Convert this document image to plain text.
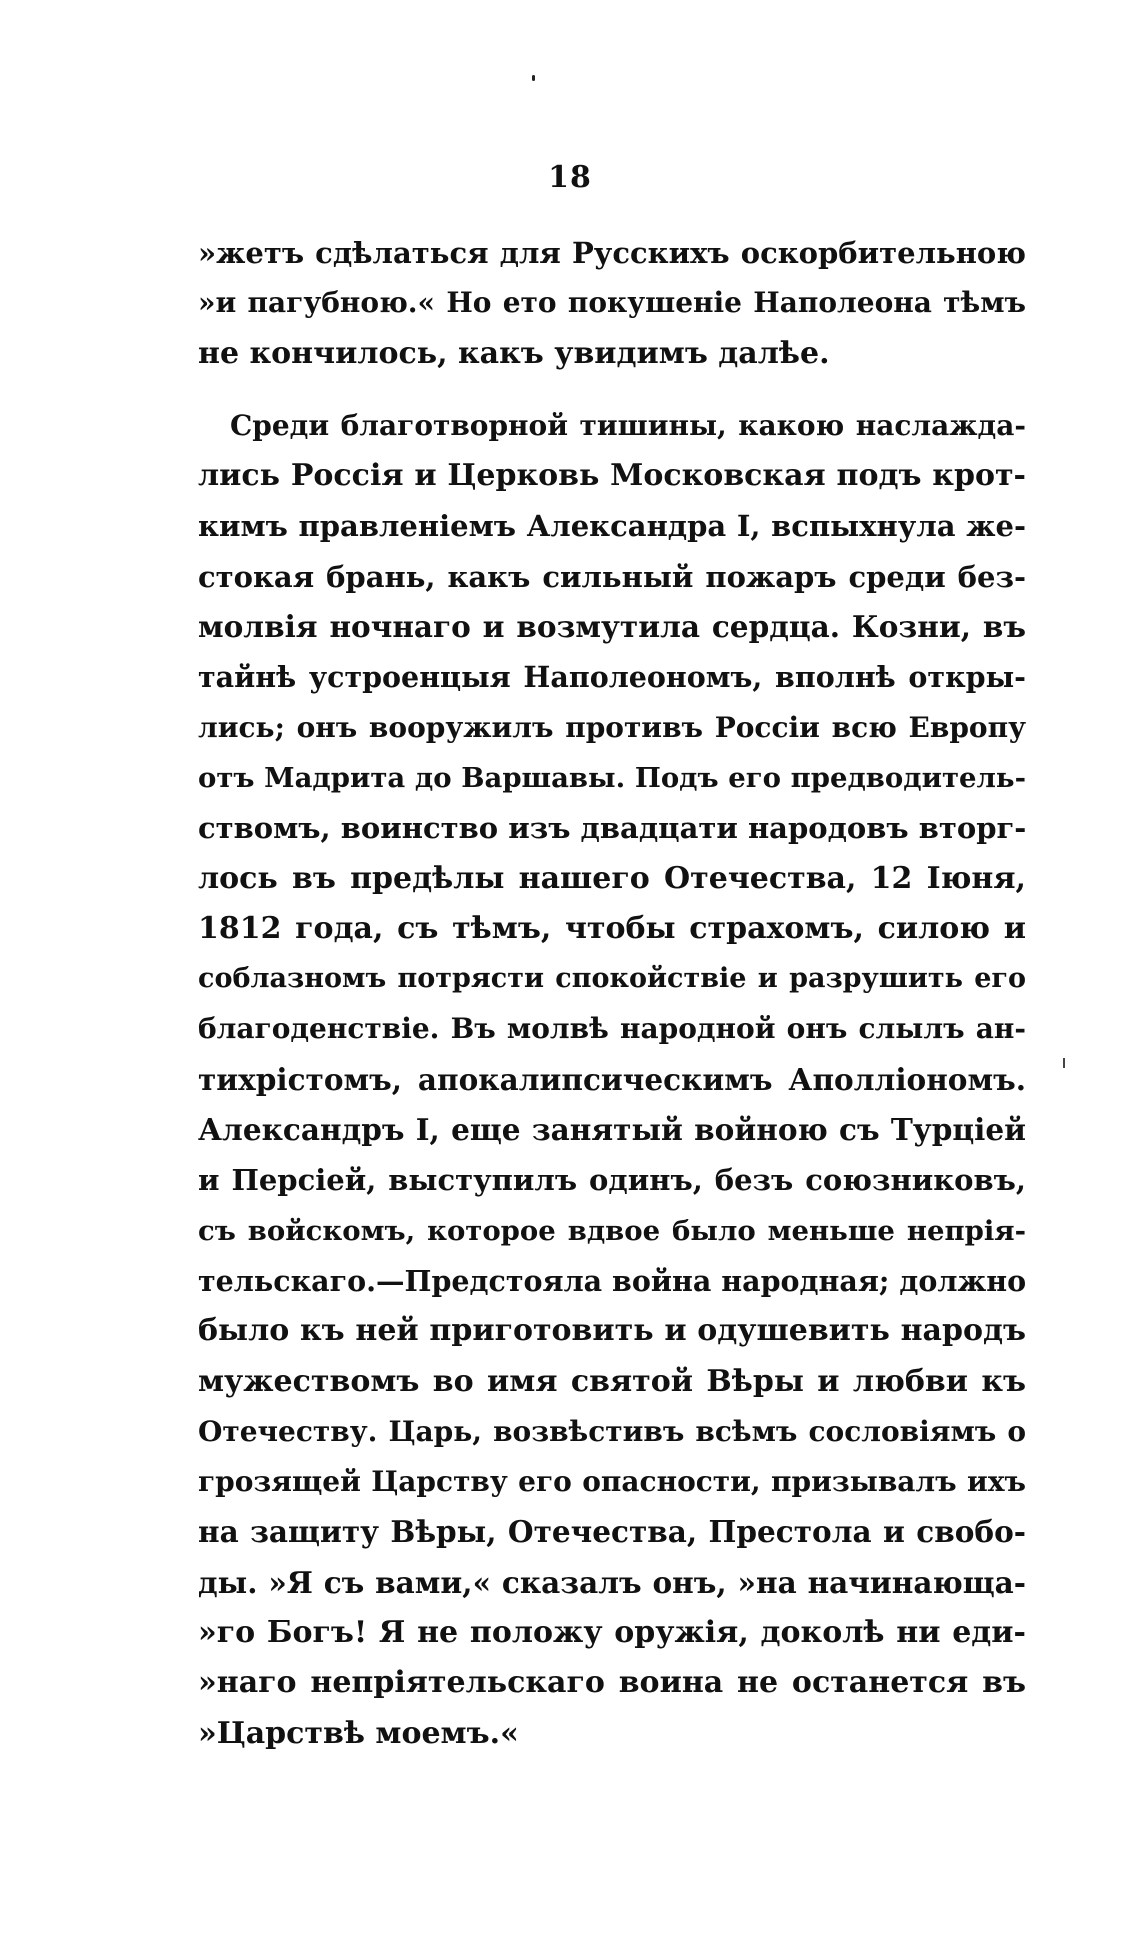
18
»жетъ сдѣлаться для Русскихъ оскорбительною
»и пагубною.« Но ето покушеніе Наполеона тѣмъ
не кончилось, какъ увидимъ далѣе.
Среди благотворной тишины, какою наслажда-
лись Россія и Церковь Московская подъ крот-
кимъ правленіемъ Александра I, вспыхнула же-
стокая брань, какъ сильный пожаръ среди без-
молвія ночнаго и возмутила сердца. Козни, въ
тайнѣ устроенцыя Наполеономъ, вполнѣ откры-
лись; онъ вооружилъ противъ Россіи всю Европу
отъ Мадрита до Варшавы. Подъ его предводитель-
ствомъ, воинство изъ двадцати народовъ вторг-
лось въ предѣлы нашего Отечества, 12 Іюня,
1812 года, съ тѣмъ, чтобы страхомъ, силою и
соблазномъ потрясти спокойствіе и разрушить его
благоденствіе. Въ молвѣ народной онъ слылъ ан-
тихрістомъ, апокалипсическимъ Аполліономъ.
Александръ I, еще занятый войною съ Турціей
и Персіей, выступилъ одинъ, безъ союзниковъ,
съ войскомъ, которое вдвое было меньше непрія-
тельскаго.—Предстояла война народная; должно
было къ ней приготовить и одушевить народъ
мужествомъ во имя святой Вѣры и любви къ
Отечеству. Царь, возвѣстивъ всѣмъ сословіямъ о
грозящей Царству его опасности, призывалъ ихъ
на защиту Вѣры, Отечества, Престола и свобо-
ды. »Я съ вами,« сказалъ онъ, »на начинающа-
»го Богъ! Я не положу оружія, доколѣ ни еди-
»наго непріятельскаго воина не останется въ
»Царствѣ моемъ.«
